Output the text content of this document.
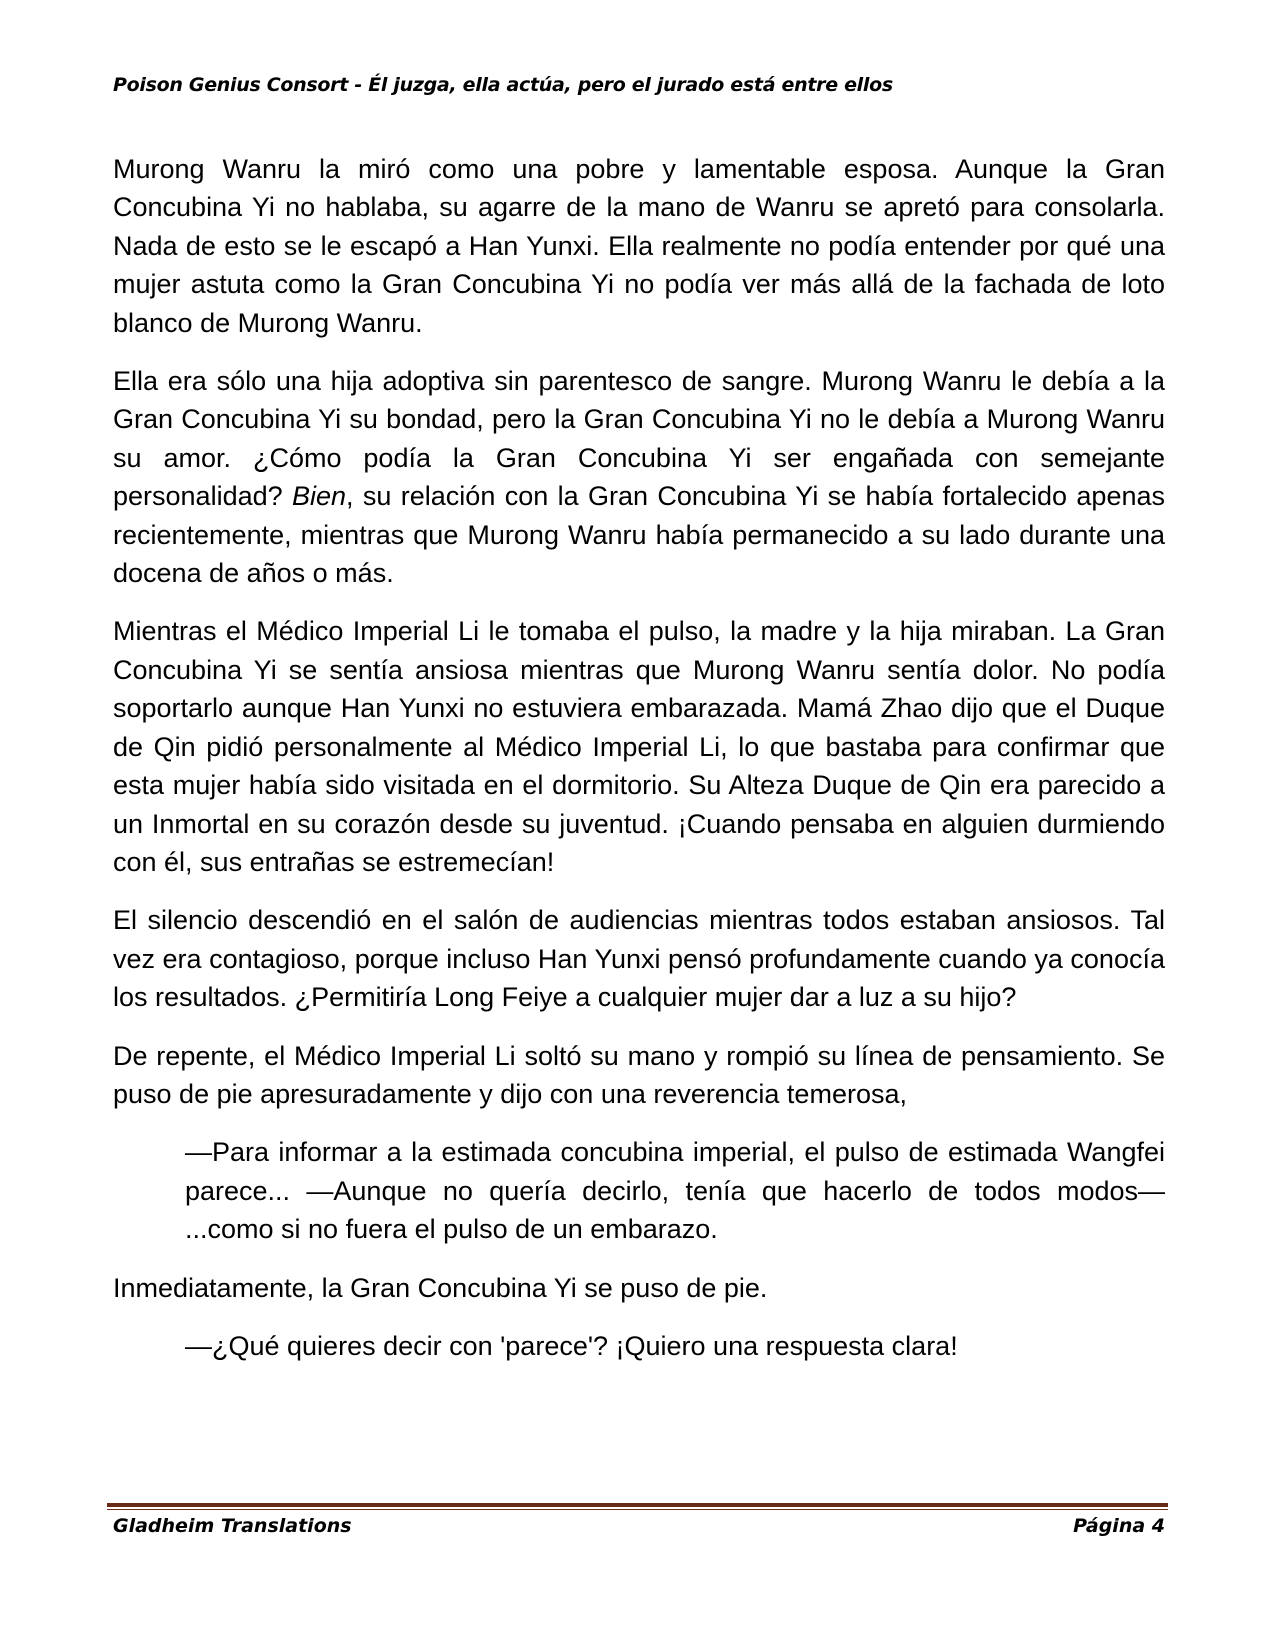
Poison Genius Consort - Él juzga, ella actúa, pero el jurado está entre ellos

Murong Wanru la miró como una pobre y lamentable esposa. Aunque la Gran Concubina Yi no hablaba, su agarre de la mano de Wanru se apretó para consolarla. Nada de esto se le escapó a Han Yunxi. Ella realmente no podía entender por qué una mujer astuta como la Gran Concubina Yi no podía ver más allá de la fachada de loto blanco de Murong Wanru.

Ella era sólo una hija adoptiva sin parentesco de sangre. Murong Wanru le debía a la Gran Concubina Yi su bondad, pero la Gran Concubina Yi no le debía a Murong Wanru su amor. ¿Cómo podía la Gran Concubina Yi ser engañada con semejante personalidad? Bien, su relación con la Gran Concubina Yi se había fortalecido apenas recientemente, mientras que Murong Wanru había permanecido a su lado durante una docena de años o más.

Mientras el Médico Imperial Li le tomaba el pulso, la madre y la hija miraban. La Gran Concubina Yi se sentía ansiosa mientras que Murong Wanru sentía dolor. No podía soportarlo aunque Han Yunxi no estuviera embarazada. Mamá Zhao dijo que el Duque de Qin pidió personalmente al Médico Imperial Li, lo que bastaba para confirmar que esta mujer había sido visitada en el dormitorio. Su Alteza Duque de Qin era parecido a un Inmortal en su corazón desde su juventud. ¡Cuando pensaba en alguien durmiendo con él, sus entrañas se estremecían!

El silencio descendió en el salón de audiencias mientras todos estaban ansiosos. Tal vez era contagioso, porque incluso Han Yunxi pensó profundamente cuando ya conocía los resultados. ¿Permitiría Long Feiye a cualquier mujer dar a luz a su hijo?

De repente, el Médico Imperial Li soltó su mano y rompió su línea de pensamiento. Se puso de pie apresuradamente y dijo con una reverencia temerosa,

—Para informar a la estimada concubina imperial, el pulso de estimada Wangfei parece... —Aunque no quería decirlo, tenía que hacerlo de todos modos— ...como si no fuera el pulso de un embarazo.

Inmediatamente, la Gran Concubina Yi se puso de pie.

—¿Qué quieres decir con 'parece'? ¡Quiero una respuesta clara!

Gladheim Translations	Página 4
